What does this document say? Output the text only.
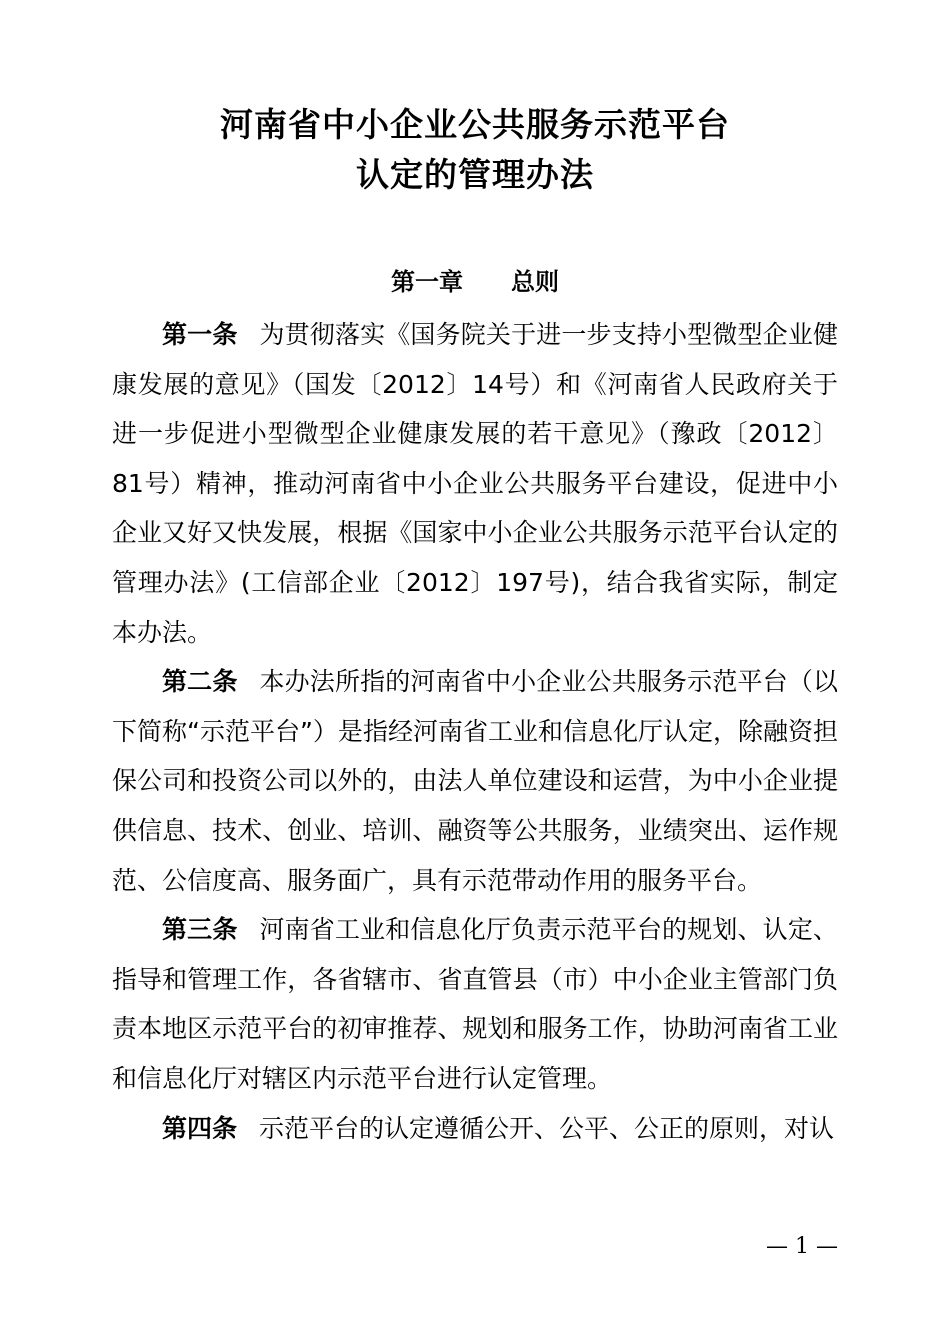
河南省中小企业公共服务示范平台
认定的管理办法
第一章 总则

第一条 为贯彻落实《国务院关于进一步支持小型微型企业健康发展的意见》（国发〔2012〕14号）和《河南省人民政府关于进一步促进小型微型企业健康发展的若干意见》（豫政〔2012〕81号）精神，推动河南省中小企业公共服务平台建设，促进中小企业又好又快发展，根据《国家中小企业公共服务示范平台认定的管理办法》(工信部企业〔2012〕197号)，结合我省实际，制定本办法。

第二条 本办法所指的河南省中小企业公共服务示范平台（以下简称“示范平台”）是指经河南省工业和信息化厅认定，除融资担保公司和投资公司以外的，由法人单位建设和运营，为中小企业提供信息、技术、创业、培训、融资等公共服务，业绩突出、运作规范、公信度高、服务面广，具有示范带动作用的服务平台。

第三条 河南省工业和信息化厅负责示范平台的规划、认定、指导和管理工作，各省辖市、省直管县（市）中小企业主管部门负责本地区示范平台的初审推荐、规划和服务工作，协助河南省工业和信息化厅对辖区内示范平台进行认定管理。

第四条 示范平台的认定遵循公开、公平、公正的原则，对认

— 1 —
